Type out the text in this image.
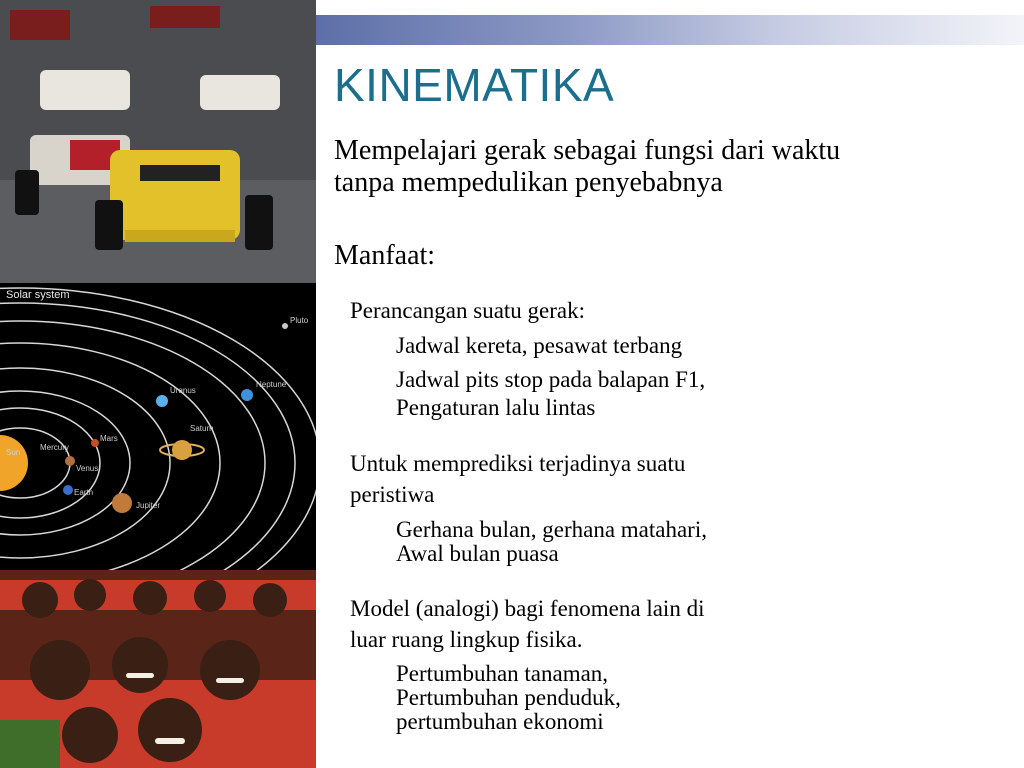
Sun
Mercury
Venus
Earth
Mars
Jupiter
Saturn
Uranus
Neptune
Pluto
Solar system
KINEMATIKA

Mempelajari gerak sebagai fungsi dari waktu

tanpa mempedulikan penyebabnya

Manfaat:

Perancangan suatu gerak:

Jadwal kereta, pesawat terbang

Jadwal pits stop pada balapan F1,

Pengaturan lalu lintas

Untuk memprediksi terjadinya suatu

peristiwa

Gerhana bulan, gerhana matahari,

Awal bulan puasa

Model (analogi) bagi fenomena lain di

luar ruang lingkup fisika.

Pertumbuhan tanaman,

Pertumbuhan penduduk,

pertumbuhan ekonomi
